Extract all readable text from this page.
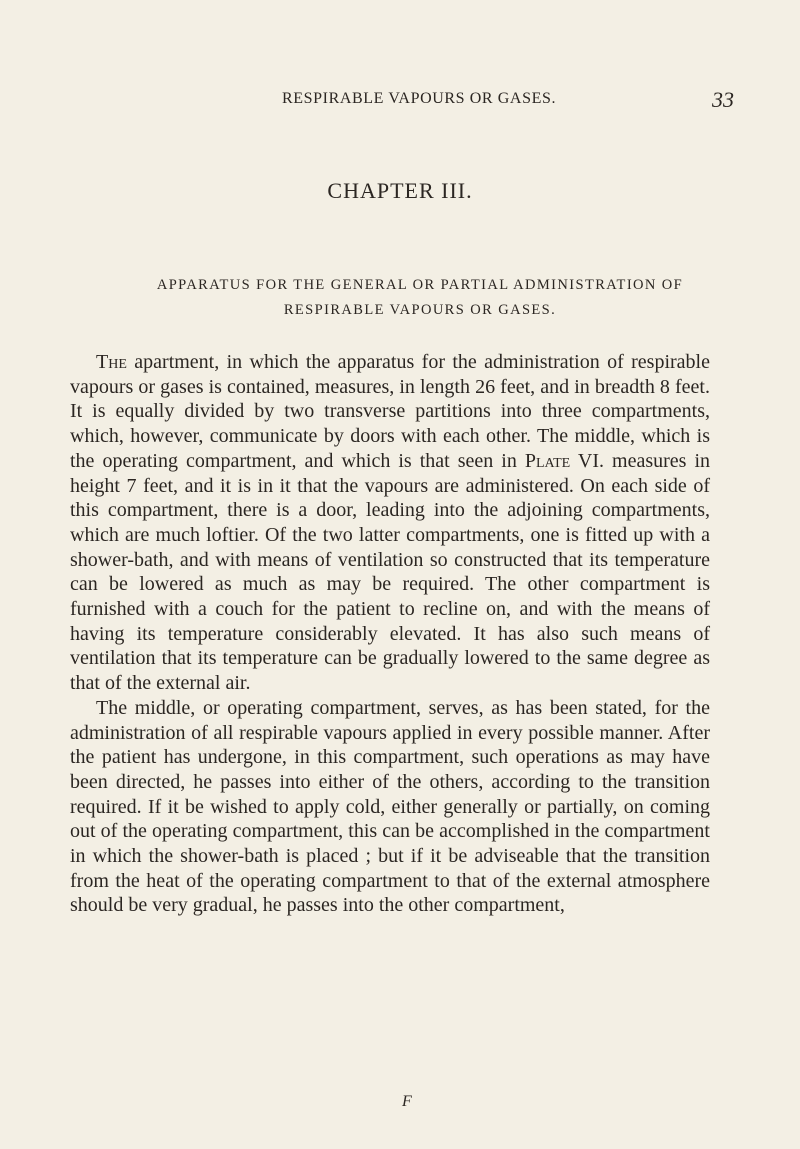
RESPIRABLE VAPOURS OR GASES.	33
CHAPTER III.
APPARATUS FOR THE GENERAL OR PARTIAL ADMINISTRATION OF
RESPIRABLE VAPOURS OR GASES.

The apartment, in which the apparatus for the administration of respirable vapours or gases is contained, measures, in length 26 feet, and in breadth 8 feet. It is equally divided by two transverse partitions into three compartments, which, however, communicate by doors with each other. The middle, which is the operating compartment, and which is that seen in Plate VI. measures in height 7 feet, and it is in it that the vapours are administered. On each side of this compartment, there is a door, leading into the adjoining compartments, which are much loftier. Of the two latter compartments, one is fitted up with a shower-bath, and with means of ventilation so constructed that its temperature can be lowered as much as may be required. The other compartment is furnished with a couch for the patient to recline on, and with the means of having its temperature considerably elevated. It has also such means of ventilation that its temperature can be gradually lowered to the same degree as that of the external air.

The middle, or operating compartment, serves, as has been stated, for the administration of all respirable vapours applied in every possible manner. After the patient has undergone, in this compartment, such operations as may have been directed, he passes into either of the others, according to the transition required. If it be wished to apply cold, either generally or partially, on coming out of the operating compartment, this can be accomplished in the compartment in which the shower-bath is placed ; but if it be adviseable that the transition from the heat of the operating compartment to that of the external atmosphere should be very gradual, he passes into the other compartment,

F
